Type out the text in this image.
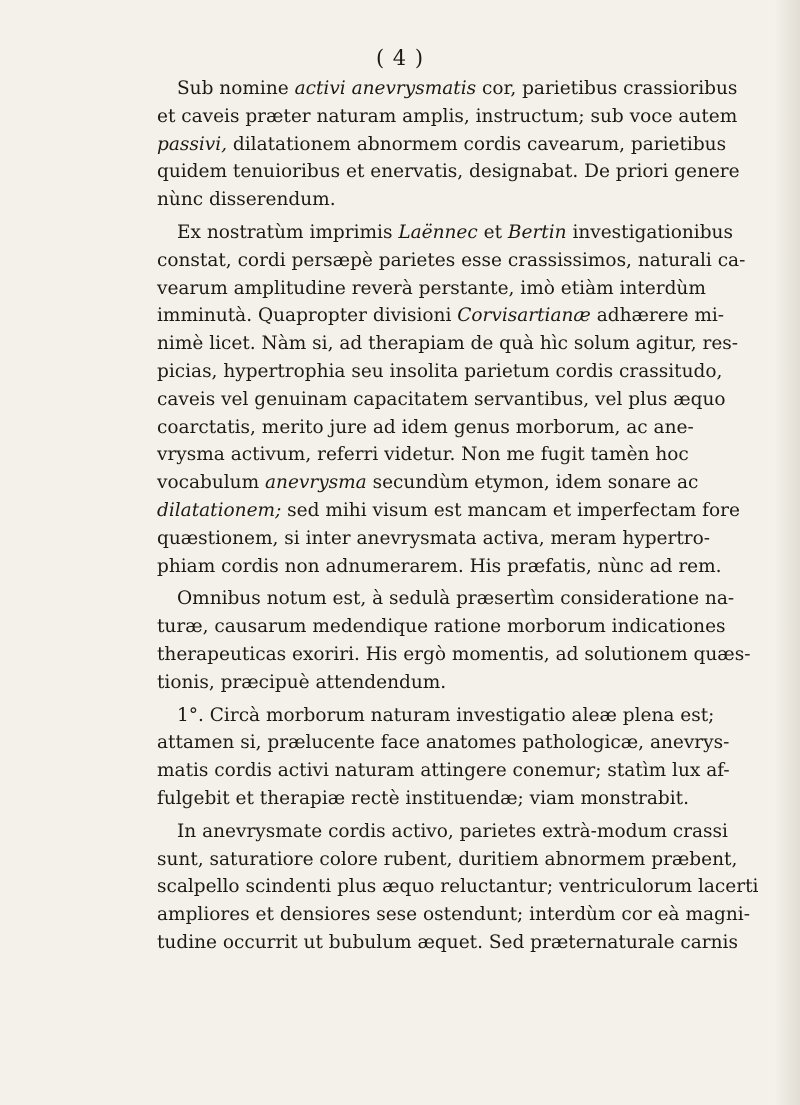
( 4 )
Sub nomine activi anevrysmatis cor, parietibus crassioribus
et caveis præter naturam amplis, instructum; sub voce autem
passivi, dilatationem abnormem cordis cavearum, parietibus
quidem tenuioribus et enervatis, designabat. De priori genere
nùnc disserendum.
Ex nostratùm imprimis Laënnec et Bertin investigationibus
constat, cordi persæpè parietes esse crassissimos, naturali ca-
vearum amplitudine reverà perstante, imò etiàm interdùm
imminutà. Quapropter divisioni Corvisartianæ adhærere mi-
nimè licet. Nàm si, ad therapiam de quà hìc solum agitur, res-
picias, hypertrophia seu insolita parietum cordis crassitudo,
caveis vel genuinam capacitatem servantibus, vel plus æquo
coarctatis, merito jure ad idem genus morborum, ac ane-
vrysma activum, referri videtur. Non me fugit tamèn hoc
vocabulum anevrysma secundùm etymon, idem sonare ac
dilatationem; sed mihi visum est mancam et imperfectam fore
quæstionem, si inter anevrysmata activa, meram hypertro-
phiam cordis non adnumerarem. His præfatis, nùnc ad rem.
Omnibus notum est, à sedulà præsertìm consideratione na-
turæ, causarum medendique ratione morborum indicationes
therapeuticas exoriri. His ergò momentis, ad solutionem quæs-
tionis, præcipuè attendendum.
1°. Circà morborum naturam investigatio aleæ plena est;
attamen si, prælucente face anatomes pathologicæ, anevrys-
matis cordis activi naturam attingere conemur; statìm lux af-
fulgebit et therapiæ rectè instituendæ; viam monstrabit.
In anevrysmate cordis activo, parietes extrà-modum crassi
sunt, saturatiore colore rubent, duritiem abnormem præbent,
scalpello scindenti plus æquo reluctantur; ventriculorum lacerti
ampliores et densiores sese ostendunt; interdùm cor eà magni-
tudine occurrit ut bubulum æquet. Sed præternaturale carnis
